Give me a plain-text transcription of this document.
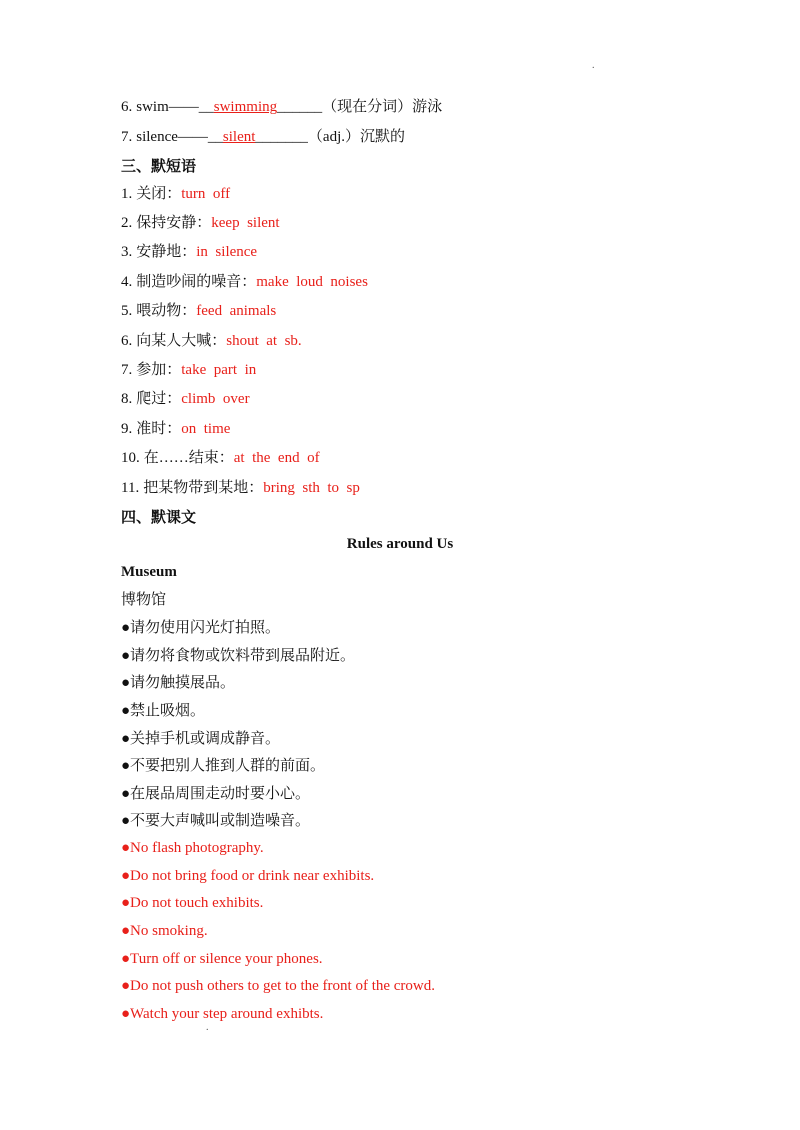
.
6. swim——__swimming______（现在分词）游泳
7. silence——__silent_______（adj.）沉默的
三、默短语
1. 关闭：turn  off
2. 保持安静：keep  silent
3. 安静地：in  silence
4. 制造吵闹的噪音：make  loud  noises
5. 喂动物：feed  animals
6. 向某人大喊：shout  at  sb.
7. 参加：take  part  in
8. 爬过：climb  over
9. 准时：on  time
10. 在……结束：at  the  end  of
11. 把某物带到某地：bring  sth  to  sp
四、默课文
Rules around Us
Museum
博物馆
●请勿使用闪光灯拍照。
●请勿将食物或饮料带到展品附近。
●请勿触摸展品。
●禁止吸烟。
●关掉手机或调成静音。
●不要把别人推到人群的前面。
●在展品周围走动时要小心。
●不要大声喊叫或制造噪音。
●No flash photography.
●Do not bring food or drink near exhibits.
●Do not touch exhibits.
●No smoking.
●Turn off or silence your phones.
●Do not push others to get to the front of the crowd.
●Watch your step around exhibts.
.
